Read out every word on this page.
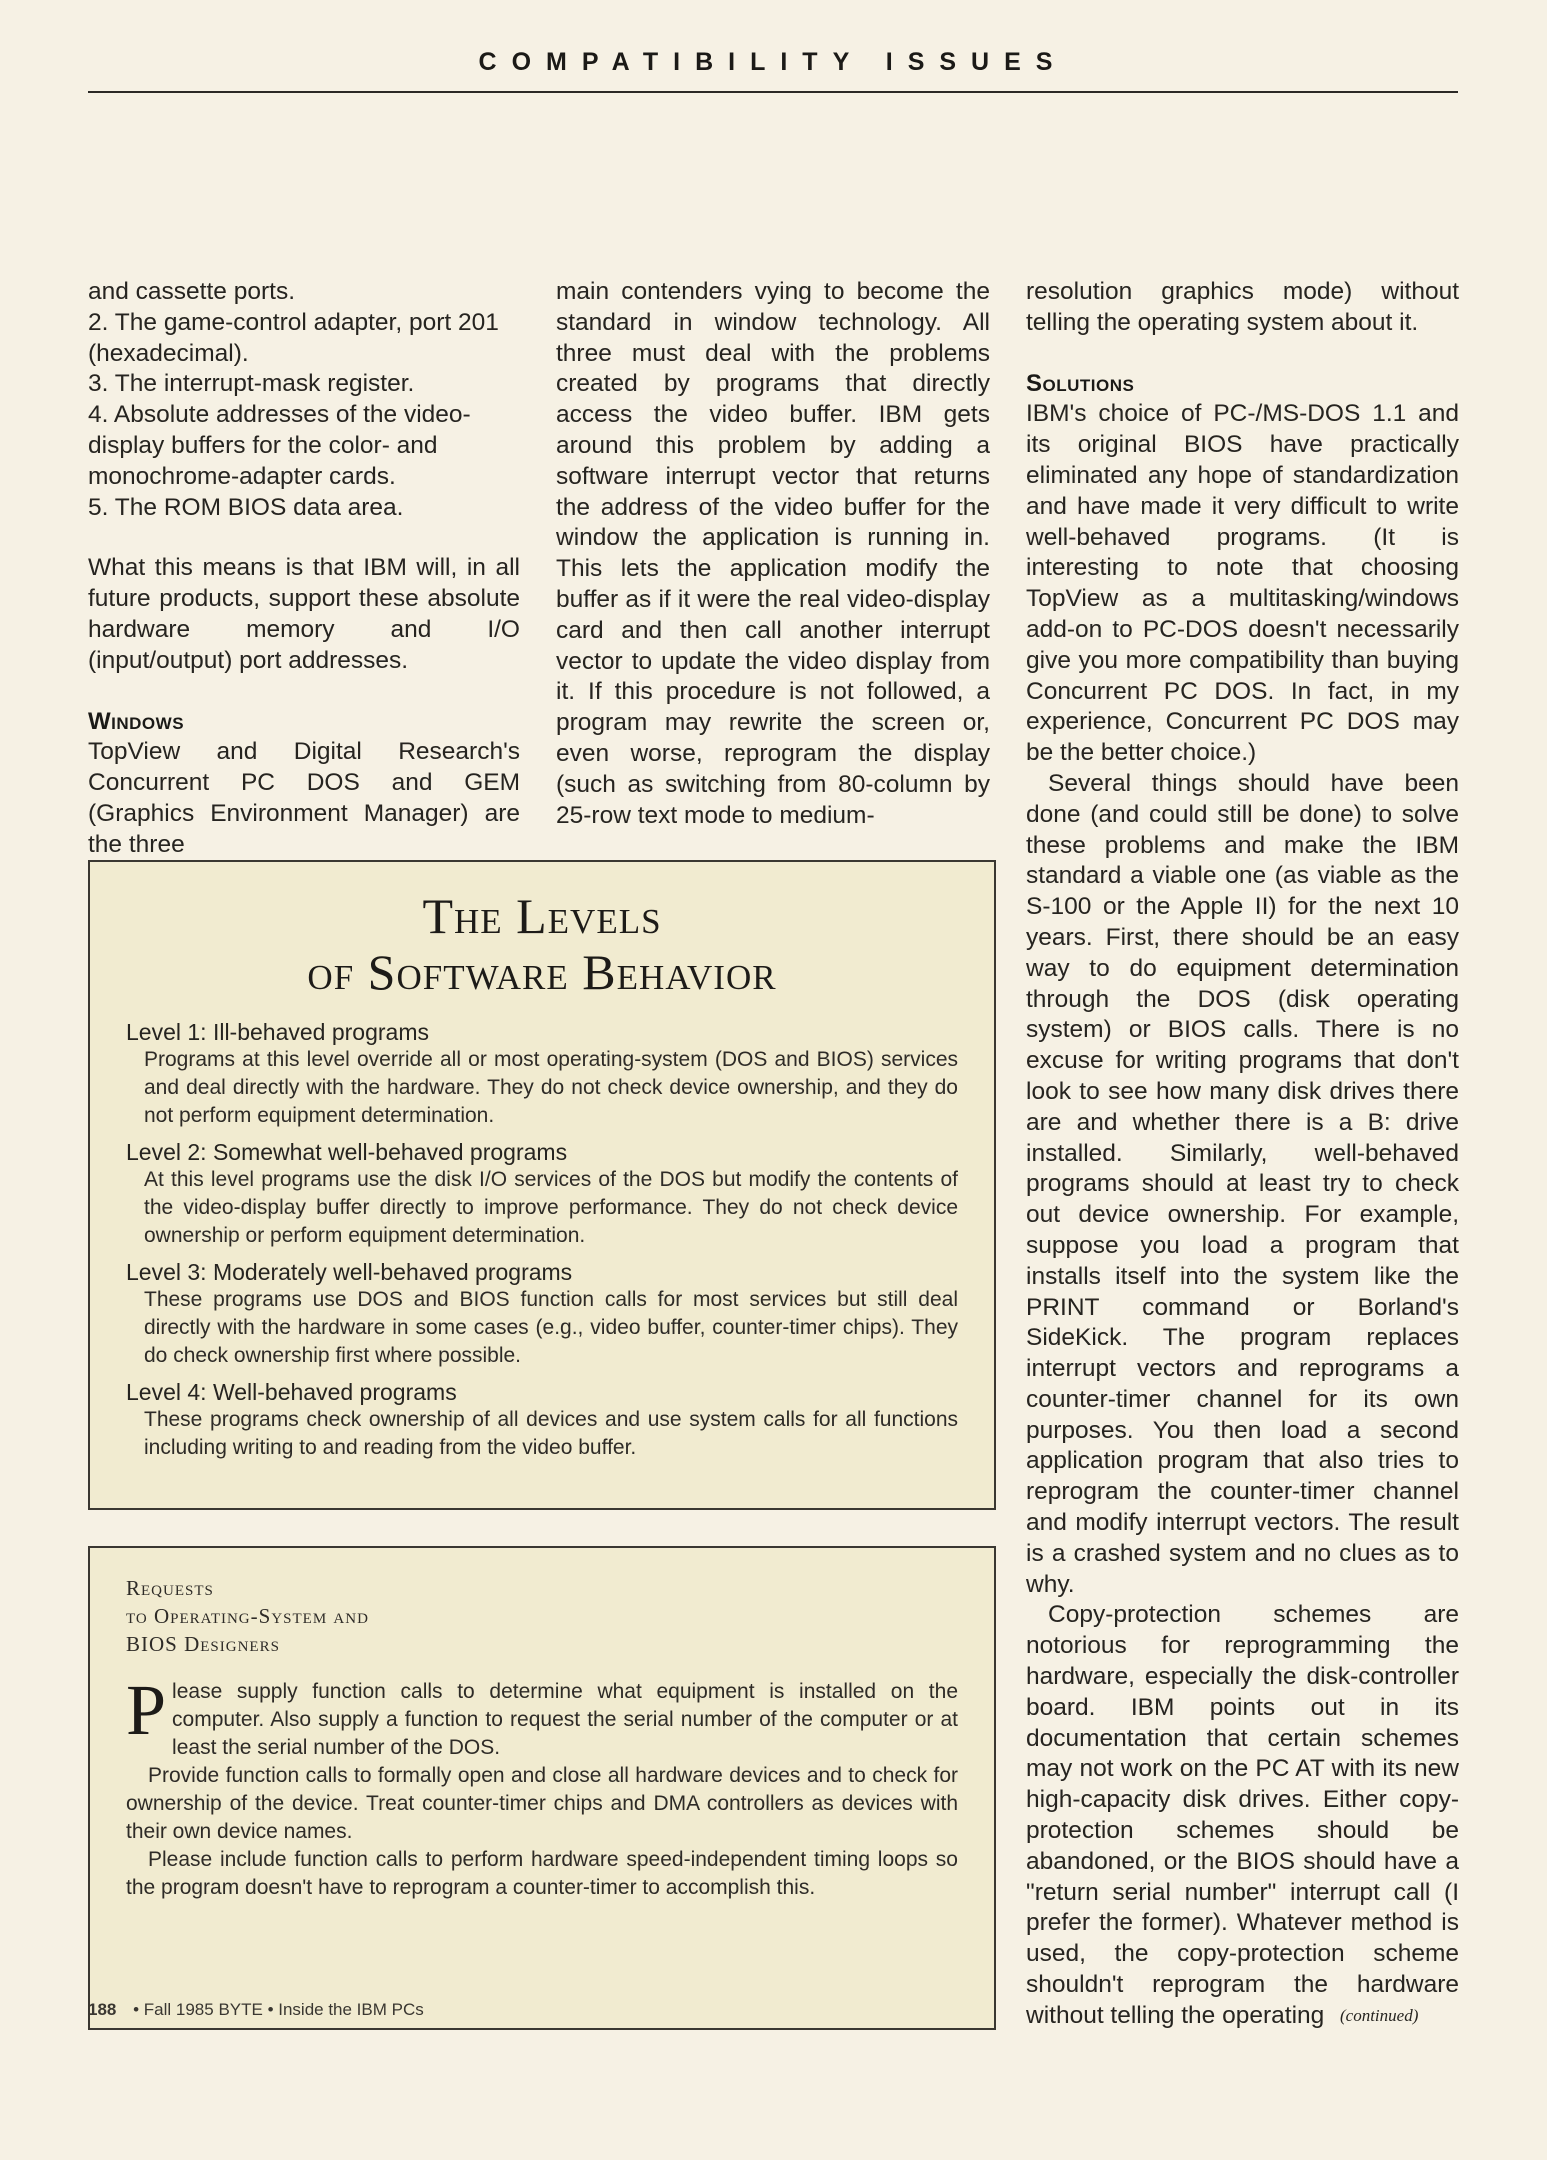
COMPATIBILITY ISSUES

and cassette ports.

2. The game-control adapter, port 201 (hexadecimal).

3. The interrupt-mask register.

4. Absolute addresses of the video-display buffers for the color- and monochrome-adapter cards.

5. The ROM BIOS data area.

What this means is that IBM will, in all future products, support these absolute hardware memory and I/O (input/output) port addresses.

Windows

TopView and Digital Research's Concurrent PC DOS and GEM (Graphics Environment Manager) are the three

main contenders vying to become the standard in window technology. All three must deal with the problems created by programs that directly access the video buffer. IBM gets around this problem by adding a software interrupt vector that returns the address of the video buffer for the window the application is running in. This lets the application modify the buffer as if it were the real video-display card and then call another interrupt vector to update the video display from it. If this procedure is not followed, a program may rewrite the screen or, even worse, reprogram the display (such as switching from 80-column by 25-row text mode to medium-

resolution graphics mode) without telling the operating system about it.

Solutions

IBM's choice of PC-/MS-DOS 1.1 and its original BIOS have practically eliminated any hope of standardization and have made it very difficult to write well-behaved programs. (It is interesting to note that choosing TopView as a multitasking/windows add-on to PC-DOS doesn't necessarily give you more compatibility than buying Concurrent PC DOS. In fact, in my experience, Concurrent PC DOS may be the better choice.)

Several things should have been done (and could still be done) to solve these problems and make the IBM standard a viable one (as viable as the S-100 or the Apple II) for the next 10 years. First, there should be an easy way to do equipment determination through the DOS (disk operating system) or BIOS calls. There is no excuse for writing programs that don't look to see how many disk drives there are and whether there is a B: drive installed. Similarly, well-behaved programs should at least try to check out device ownership. For example, suppose you load a program that installs itself into the system like the PRINT command or Borland's SideKick. The program replaces interrupt vectors and reprograms a counter-timer channel for its own purposes. You then load a second application program that also tries to reprogram the counter-timer channel and modify interrupt vectors. The result is a crashed system and no clues as to why.

Copy-protection schemes are notorious for reprogramming the hardware, especially the disk-controller board. IBM points out in its documentation that certain schemes may not work on the PC AT with its new high-capacity disk drives. Either copy-protection schemes should be abandoned, or the BIOS should have a "return serial number" interrupt call (I prefer the former). Whatever method is used, the copy-protection scheme shouldn't reprogram the hardware without telling the operating (continued)

The Levels

of Software Behavior

Level 1: Ill-behaved programs

Programs at this level override all or most operating-system (DOS and BIOS) services and deal directly with the hardware. They do not check device ownership, and they do not perform equipment determination.

Level 2: Somewhat well-behaved programs

At this level programs use the disk I/O services of the DOS but modify the contents of the video-display buffer directly to improve performance. They do not check device ownership or perform equipment determination.

Level 3: Moderately well-behaved programs

These programs use DOS and BIOS function calls for most services but still deal directly with the hardware in some cases (e.g., video buffer, counter-timer chips). They do check ownership first where possible.

Level 4: Well-behaved programs

These programs check ownership of all devices and use system calls for all functions including writing to and reading from the video buffer.

Requests

to Operating-System and

BIOS Designers

P lease supply function calls to determine what equipment is installed on the computer. Also supply a function to request the serial number of the computer or at least the serial number of the DOS.

Provide function calls to formally open and close all hardware devices and to check for ownership of the device. Treat counter-timer chips and DMA controllers as devices with their own device names.

Please include function calls to perform hardware speed-independent timing loops so the program doesn't have to reprogram a counter-timer to accomplish this.

188 • Fall 1985 BYTE • Inside the IBM PCs
